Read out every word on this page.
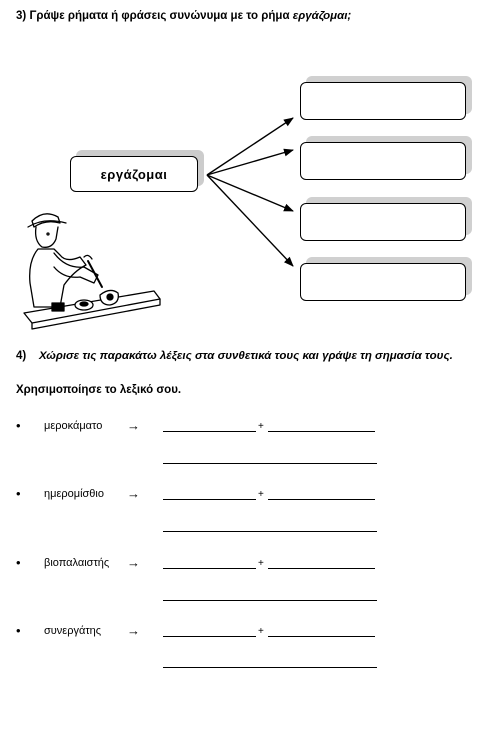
3) Γράψε ρήματα ή φράσεις συνώνυμα με το ρήμα εργάζομαι;
εργάζομαι
4) Χώρισε τις παρακάτω λέξεις στα συνθετικά τους και γράψε τη σημασία τους.
Χρησιμοποίησε το λεξικό σου.
• μεροκάματο →	+
• ημερομίσθιο →	+
• βιοπαλαιστής →	+
• συνεργάτης →	+
